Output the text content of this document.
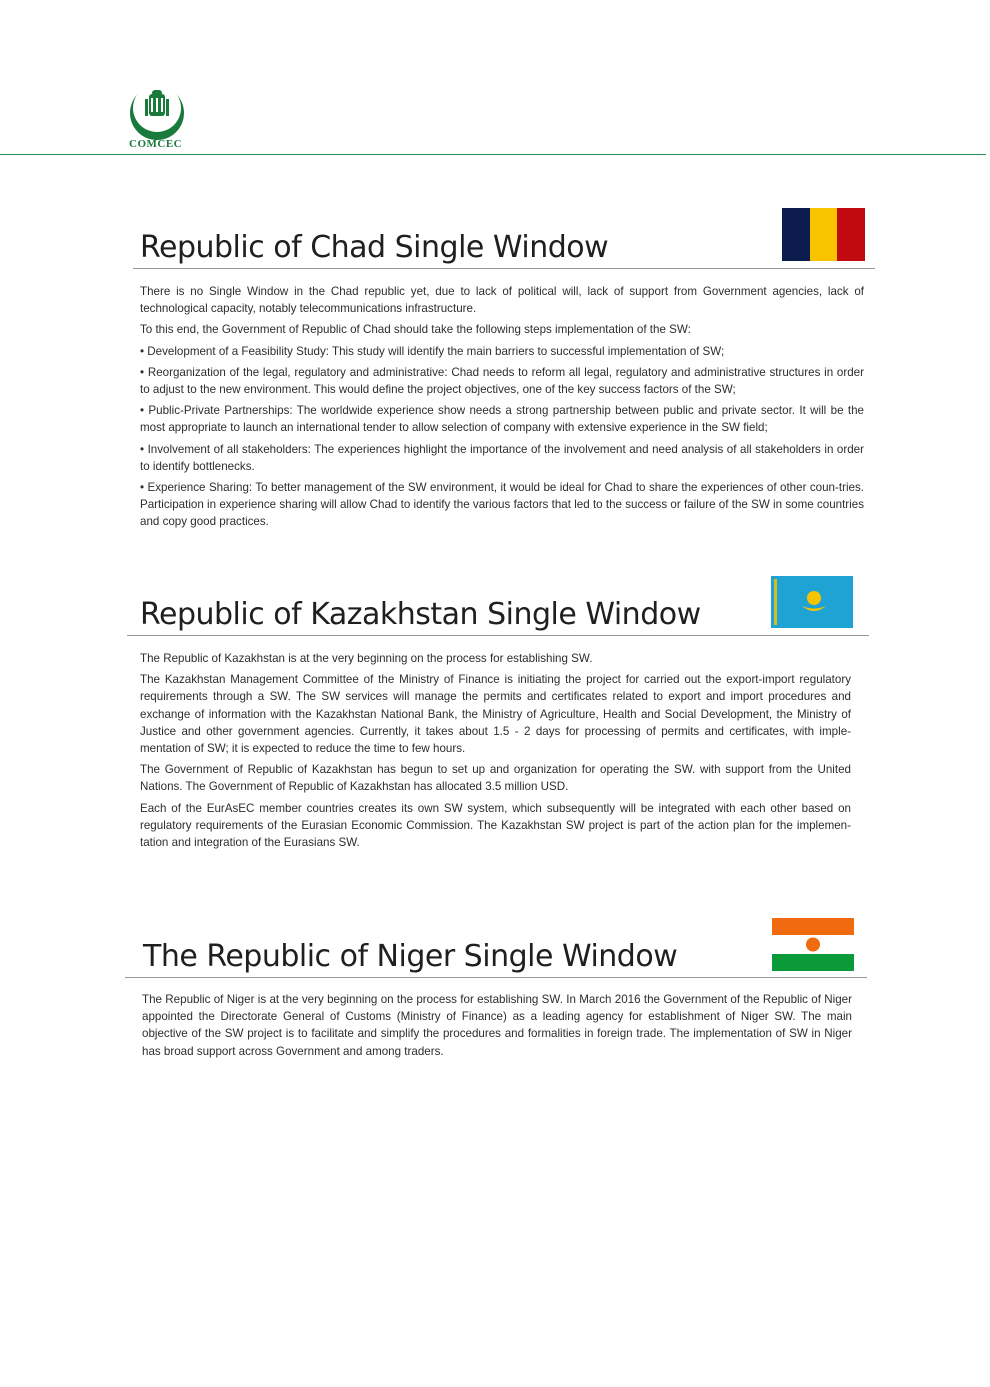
COMCEC
Republic of Chad Single Window

There is no Single Window in the Chad republic yet, due to lack of political will, lack of support from Government agencies, lack of technological capacity, notably telecommunications infrastructure.

To this end, the Government of Republic of Chad should take the following steps implementation of the SW:

• Development of a Feasibility Study: This study will identify the main barriers to successful implementation of SW;

• Reorganization of the legal, regulatory and administrative: Chad needs to reform all legal, regulatory and administrative structures in order to adjust to the new environment. This would define the project objectives, one of the key success factors of the SW;

• Public-Private Partnerships: The worldwide experience show needs a strong partnership between public and private sector. It will be the most appropriate to launch an international tender to allow selection of company with extensive experience in the SW field;

• Involvement of all stakeholders: The experiences highlight the importance of the involvement and need analysis of all stakeholders in order to identify bottlenecks.

• Experience Sharing: To better management of the SW environment, it would be ideal for Chad to share the experiences of other coun-tries. Participation in experience sharing will allow Chad to identify the various factors that led to the success or failure of the SW in some countries and copy good practices.

Republic of Kazakhstan Single Window

The Republic of Kazakhstan is at the very beginning on the process for establishing SW.

The Kazakhstan Management Committee of the Ministry of Finance is initiating the project for carried out the export-import regulatory requirements through a SW. The SW services will manage the permits and certificates related to export and import procedures and exchange of information with the Kazakhstan National Bank, the Ministry of Agriculture, Health and Social Development, the Ministry of Justice and other government agencies. Currently, it takes about 1.5 - 2 days for processing of permits and certificates, with imple-mentation of SW; it is expected to reduce the time to few hours.

The Government of Republic of Kazakhstan has begun to set up and organization for operating the SW. with support from the United Nations. The Government of Republic of Kazakhstan has allocated 3.5 million USD.

Each of the EurAsEC member countries creates its own SW system, which subsequently will be integrated with each other based on regulatory requirements of the Eurasian Economic Commission. The Kazakhstan SW project is part of the action plan for the implemen-tation and integration of the Eurasians SW.

The Republic of Niger Single Window

The Republic of Niger is at the very beginning on the process for establishing SW. In March 2016 the Government of the Republic of Niger appointed the Directorate General of Customs (Ministry of Finance) as a leading agency for establishment of Niger SW. The main objective of the SW project is to facilitate and simplify the procedures and formalities in foreign trade. The implementation of SW in Niger has broad support across Government and among traders.
